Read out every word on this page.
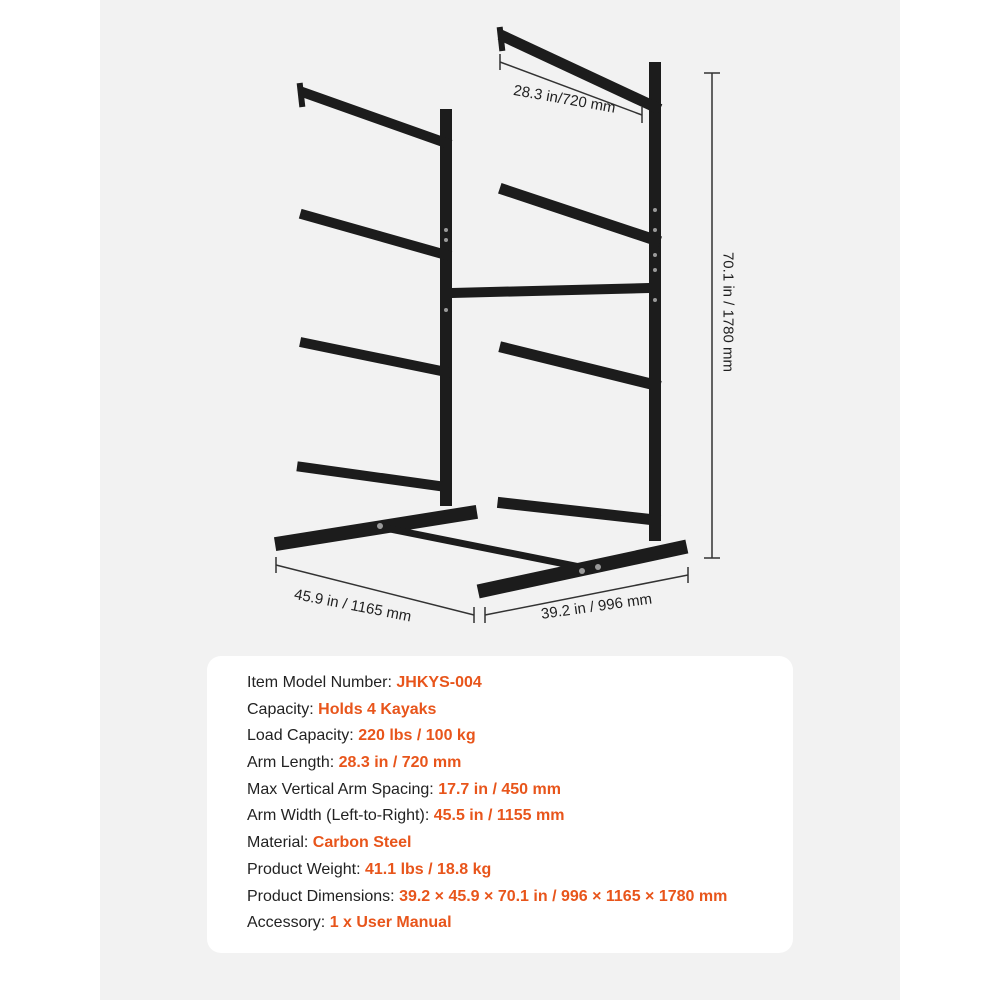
28.3 in/720 mm
70.1 in / 1780 mm
45.9 in / 1165 mm	39.2 in / 996 mm
Item Model Number: JHKYS-004
Capacity: Holds 4 Kayaks
Load Capacity: 220 lbs / 100 kg
Arm Length: 28.3 in / 720 mm
Max Vertical Arm Spacing: 17.7 in / 450 mm
Arm Width (Left-to-Right): 45.5 in / 1155 mm
Material: Carbon Steel
Product Weight: 41.1 lbs / 18.8 kg
Product Dimensions: 39.2 × 45.9 × 70.1 in / 996 × 1165 × 1780 mm
Accessory: 1 x User Manual
